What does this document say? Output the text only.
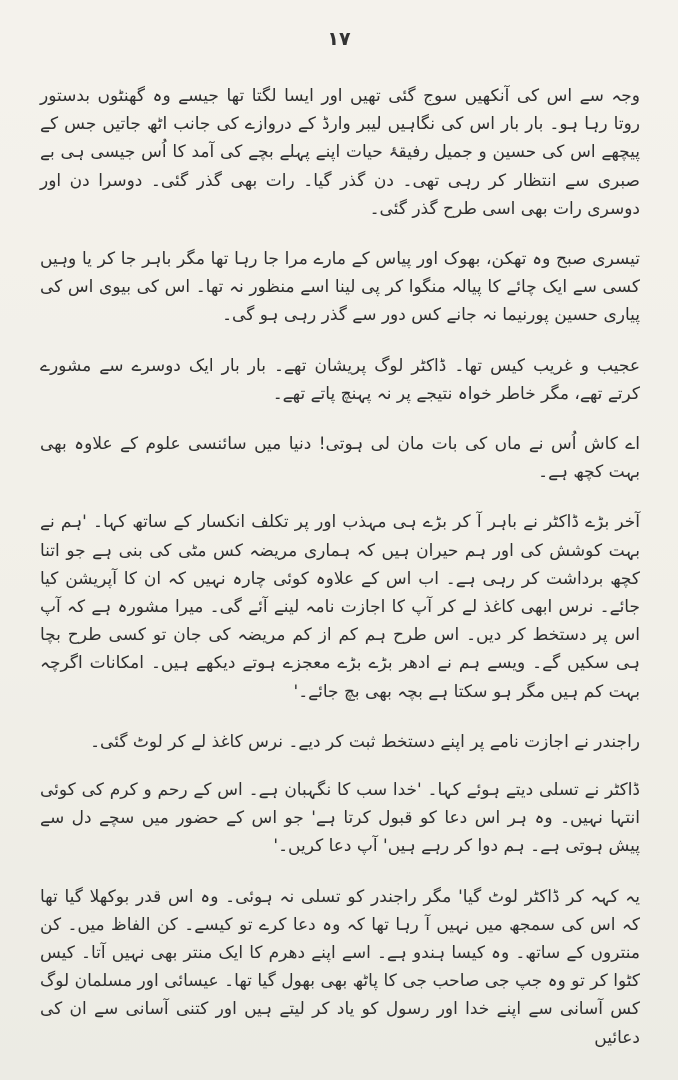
۱۷

وجہ سے اس کی آنکھیں سوج گئی تھیں اور ایسا لگتا تھا جیسے وہ گھنٹوں بدستور روتا رہا ہو۔ بار بار اس کی نگاہیں لیبر وارڈ کے دروازے کی جانب اٹھ جاتیں جس کے پیچھے اس کی حسین و جمیل رفیقۂ حیات اپنے پہلے بچے کی آمد کا اُس جیسی ہی بے صبری سے انتظار کر رہی تھی۔ دن گذر گیا۔ رات بھی گذر گئی۔ دوسرا دن اور دوسری رات بھی اسی طرح گذر گئی۔

تیسری صبح وہ تھکن، بھوک اور پیاس کے مارے مرا جا رہا تھا مگر باہر جا کر یا وہیں کسی سے ایک چائے کا پیالہ منگوا کر پی لینا اسے منظور نہ تھا۔ اس کی بیوی اس کی پیاری حسین پورنیما نہ جانے کس دور سے گذر رہی ہو گی۔

عجیب و غریب کیس تھا۔ ڈاکٹر لوگ پریشان تھے۔ بار بار ایک دوسرے سے مشورے کرتے تھے، مگر خاطر خواہ نتیجے پر نہ پہنچ پاتے تھے۔

اے کاش اُس نے ماں کی بات مان لی ہوتی! دنیا میں سائنسی علوم کے علاوہ بھی بہت کچھ ہے۔

آخر بڑے ڈاکٹر نے باہر آ کر بڑے ہی مہذب اور پر تکلف انکسار کے ساتھ کہا۔ 'ہم نے بہت کوشش کی اور ہم حیران ہیں کہ ہماری مریضہ کس مٹی کی بنی ہے جو اتنا کچھ برداشت کر رہی ہے۔ اب اس کے علاوہ کوئی چارہ نہیں کہ ان کا آپریشن کیا جائے۔ نرس ابھی کاغذ لے کر آپ کا اجازت نامہ لینے آئے گی۔ میرا مشورہ ہے کہ آپ اس پر دستخط کر دیں۔ اس طرح ہم کم از کم مریضہ کی جان تو کسی طرح بچا ہی سکیں گے۔ ویسے ہم نے ادھر بڑے بڑے معجزے ہوتے دیکھے ہیں۔ امکانات اگرچہ بہت کم ہیں مگر ہو سکتا ہے بچہ بھی بچ جائے۔'

راجندر نے اجازت نامے پر اپنے دستخط ثبت کر دیے۔ نرس کاغذ لے کر لوٹ گئی۔

ڈاکٹر نے تسلی دیتے ہوئے کہا۔ 'خدا سب کا نگہبان ہے۔ اس کے رحم و کرم کی کوئی انتہا نہیں۔ وہ ہر اس دعا کو قبول کرتا ہے' جو اس کے حضور میں سچے دل سے پیش ہوتی ہے۔ ہم دوا کر رہے ہیں' آپ دعا کریں۔'

یہ کہہ کر ڈاکٹر لوٹ گیا' مگر راجندر کو تسلی نہ ہوئی۔ وہ اس قدر بوکھلا گیا تھا کہ اس کی سمجھ میں نہیں آ رہا تھا کہ وہ دعا کرے تو کیسے۔ کن الفاظ میں۔ کن منتروں کے ساتھ۔ وہ کیسا ہندو ہے۔ اسے اپنے دھرم کا ایک منتر بھی نہیں آتا۔ کیس کٹوا کر تو وہ جپ جی صاحب جی کا پاٹھ بھی بھول گیا تھا۔ عیسائی اور مسلمان لوگ کس آسانی سے اپنے خدا اور رسول کو یاد کر لیتے ہیں اور کتنی آسانی سے ان کی دعائیں
